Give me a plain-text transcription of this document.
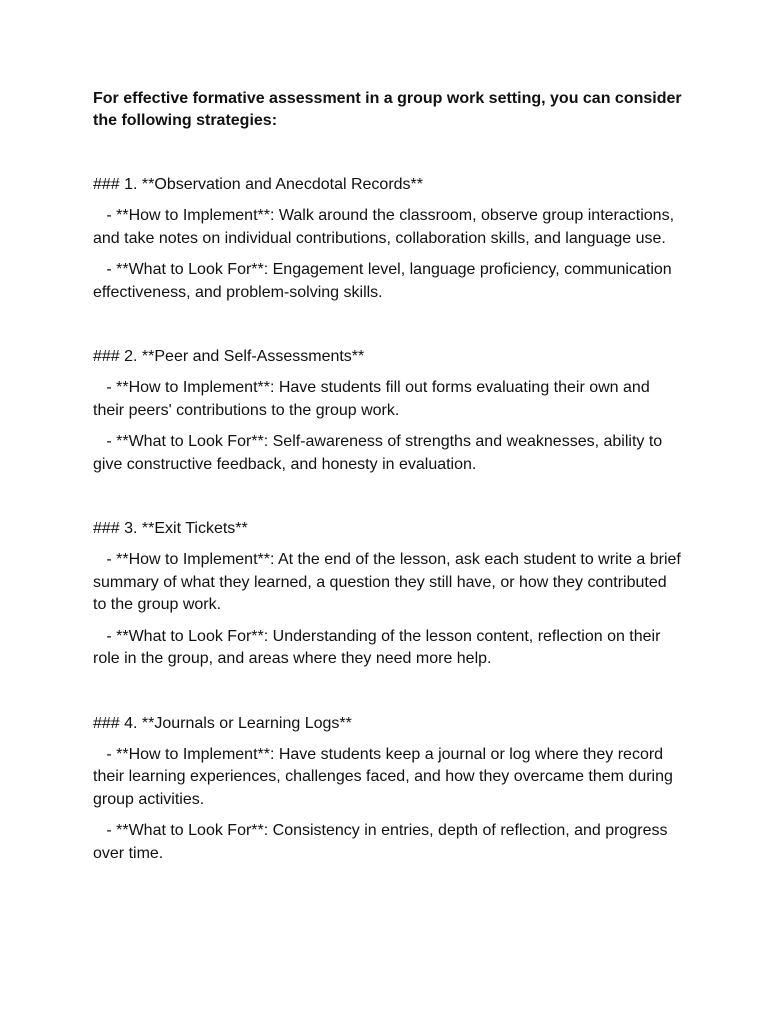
For effective formative assessment in a group work setting, you can consider the following strategies:

### 1. **Observation and Anecdotal Records**

- **How to Implement**: Walk around the classroom, observe group interactions, and take notes on individual contributions, collaboration skills, and language use.

- **What to Look For**: Engagement level, language proficiency, communication effectiveness, and problem-solving skills.

### 2. **Peer and Self-Assessments**

- **How to Implement**: Have students fill out forms evaluating their own and their peers' contributions to the group work.

- **What to Look For**: Self-awareness of strengths and weaknesses, ability to give constructive feedback, and honesty in evaluation.

### 3. **Exit Tickets**

- **How to Implement**: At the end of the lesson, ask each student to write a brief summary of what they learned, a question they still have, or how they contributed to the group work.

- **What to Look For**: Understanding of the lesson content, reflection on their role in the group, and areas where they need more help.

### 4. **Journals or Learning Logs**

- **How to Implement**: Have students keep a journal or log where they record their learning experiences, challenges faced, and how they overcame them during group activities.

- **What to Look For**: Consistency in entries, depth of reflection, and progress over time.
